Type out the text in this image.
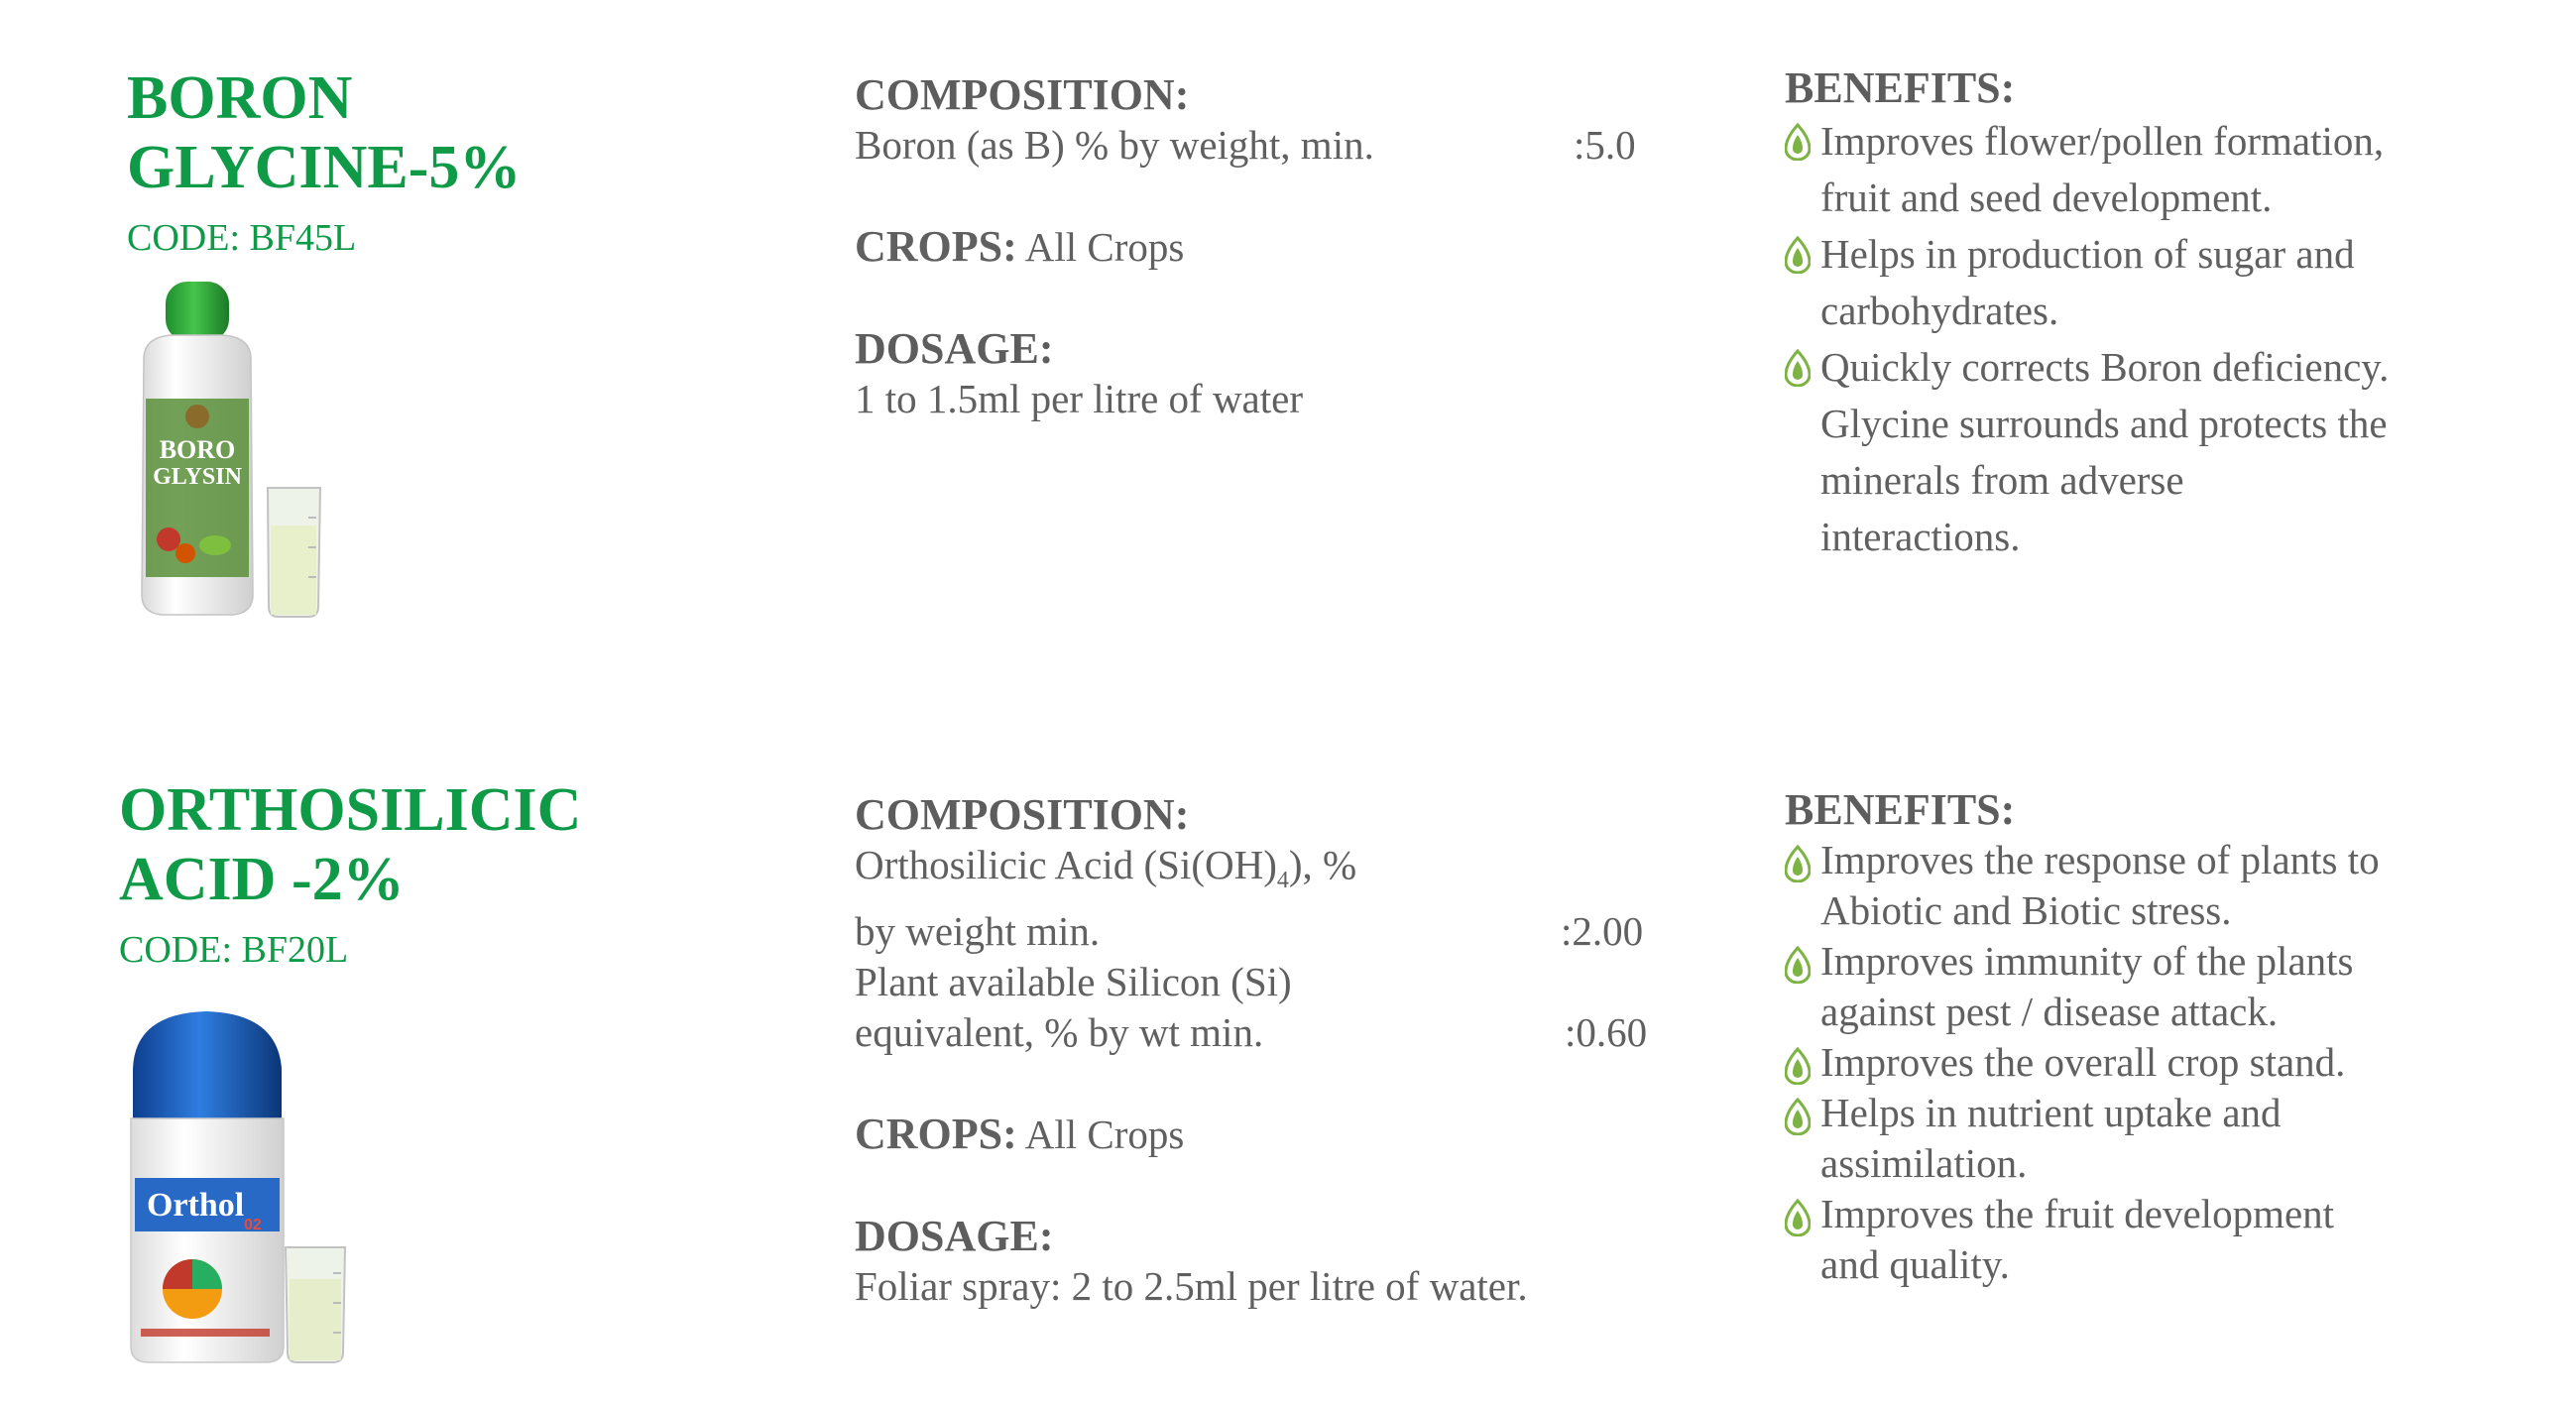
BORON
GLYCINE-5%
CODE: BF45L
BORO
GLYSIN
COMPOSITION:
Boron (as B) % by weight, min.	:5.0
CROPS: All Crops
DOSAGE:
1 to 1.5ml per litre of water
BENEFITS:
Improves flower/pollen formation,
fruit and seed development.
Helps in production of sugar and
carbohydrates.
Quickly corrects Boron deficiency.
Glycine surrounds and protects the
minerals from adverse
interactions.
ORTHOSILICIC
ACID -2%
CODE: BF20L
Orthol
02
COMPOSITION:
Orthosilicic Acid $(Si(OH)_4)$, %
by weight min.	:2.00
Plant available Silicon (Si)
equivalent, % by wt min.	:0.60
CROPS: All Crops
DOSAGE:
Foliar spray: 2 to 2.5ml per litre of water.
BENEFITS:
Improves the response of plants to
Abiotic and Biotic stress.
Improves immunity of the plants
against pest / disease attack.
Improves the overall crop stand.
Helps in nutrient uptake and
assimilation.
Improves the fruit development
and quality.
